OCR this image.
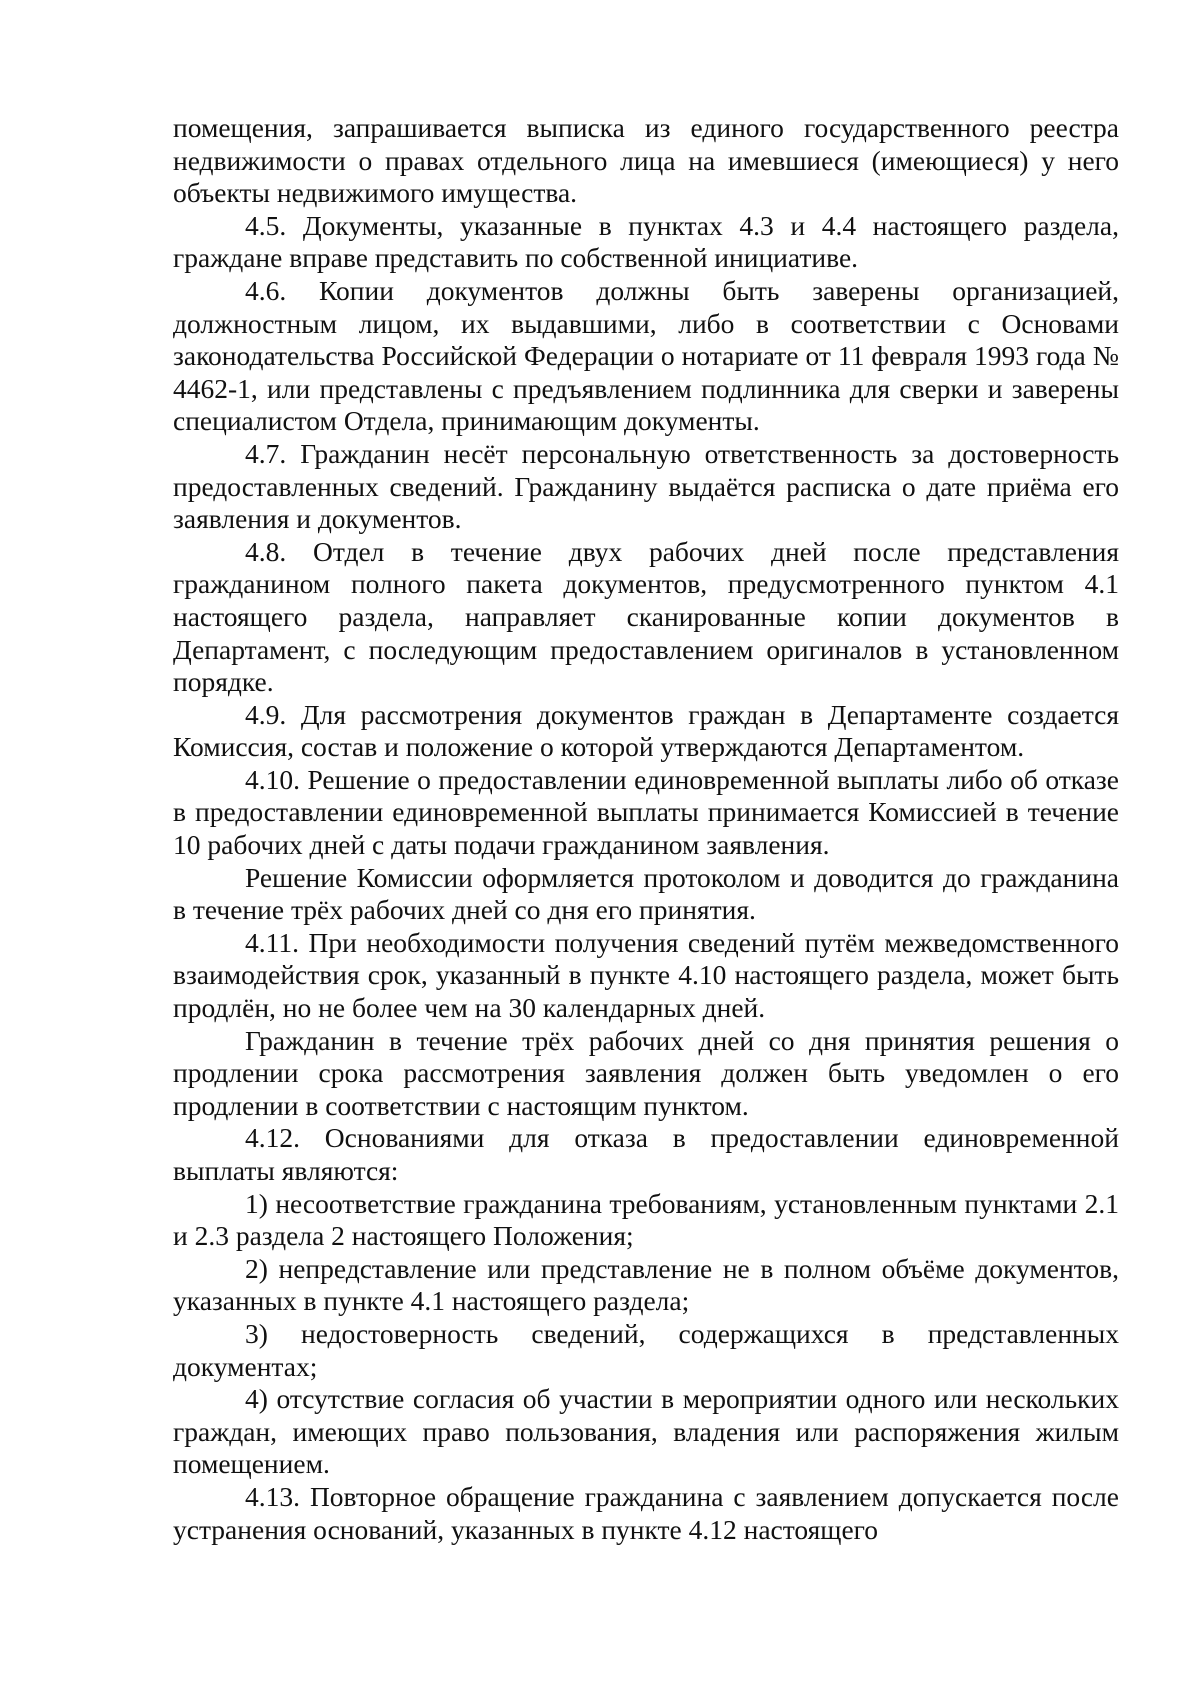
помещения, запрашивается выписка из единого государственного реестра недвижимости о правах отдельного лица на имевшиеся (имеющиеся) у него объекты недвижимого имущества.

4.5. Документы, указанные в пунктах 4.3 и 4.4 настоящего раздела, граждане вправе представить по собственной инициативе.

4.6. Копии документов должны быть заверены организацией, должностным лицом, их выдавшими, либо в соответствии с Основами законодательства Российской Федерации о нотариате от 11 февраля 1993 года № 4462-1, или представлены с предъявлением подлинника для сверки и заверены специалистом Отдела, принимающим документы.

4.7. Гражданин несёт персональную ответственность за достоверность предоставленных сведений. Гражданину выдаётся расписка о дате приёма его заявления и документов.

4.8. Отдел в течение двух рабочих дней после представления гражданином полного пакета документов, предусмотренного пунктом 4.1 настоящего раздела, направляет сканированные копии документов в Департамент, с последующим предоставлением оригиналов в установленном порядке.

4.9. Для рассмотрения документов граждан в Департаменте создается Комиссия, состав и положение о которой утверждаются Департаментом.

4.10. Решение о предоставлении единовременной выплаты либо об отказе в предоставлении единовременной выплаты принимается Комиссией в течение 10 рабочих дней с даты подачи гражданином заявления.

Решение Комиссии оформляется протоколом и доводится до гражданина в течение трёх рабочих дней со дня его принятия.

4.11. При необходимости получения сведений путём межведомственного взаимодействия срок, указанный в пункте 4.10 настоящего раздела, может быть продлён, но не более чем на 30 календарных дней.

Гражданин в течение трёх рабочих дней со дня принятия решения о продлении срока рассмотрения заявления должен быть уведомлен о его продлении в соответствии с настоящим пунктом.

4.12. Основаниями для отказа в предоставлении единовременной выплаты являются:

1) несоответствие гражданина требованиям, установленным пунктами 2.1 и 2.3 раздела 2 настоящего Положения;

2) непредставление или представление не в полном объёме документов, указанных в пункте 4.1 настоящего раздела;

3) недостоверность сведений, содержащихся в представленных документах;

4) отсутствие согласия об участии в мероприятии одного или нескольких граждан, имеющих право пользования, владения или распоряжения жилым помещением.

4.13. Повторное обращение гражданина с заявлением допускается после устранения оснований, указанных в пункте 4.12 настоящего
